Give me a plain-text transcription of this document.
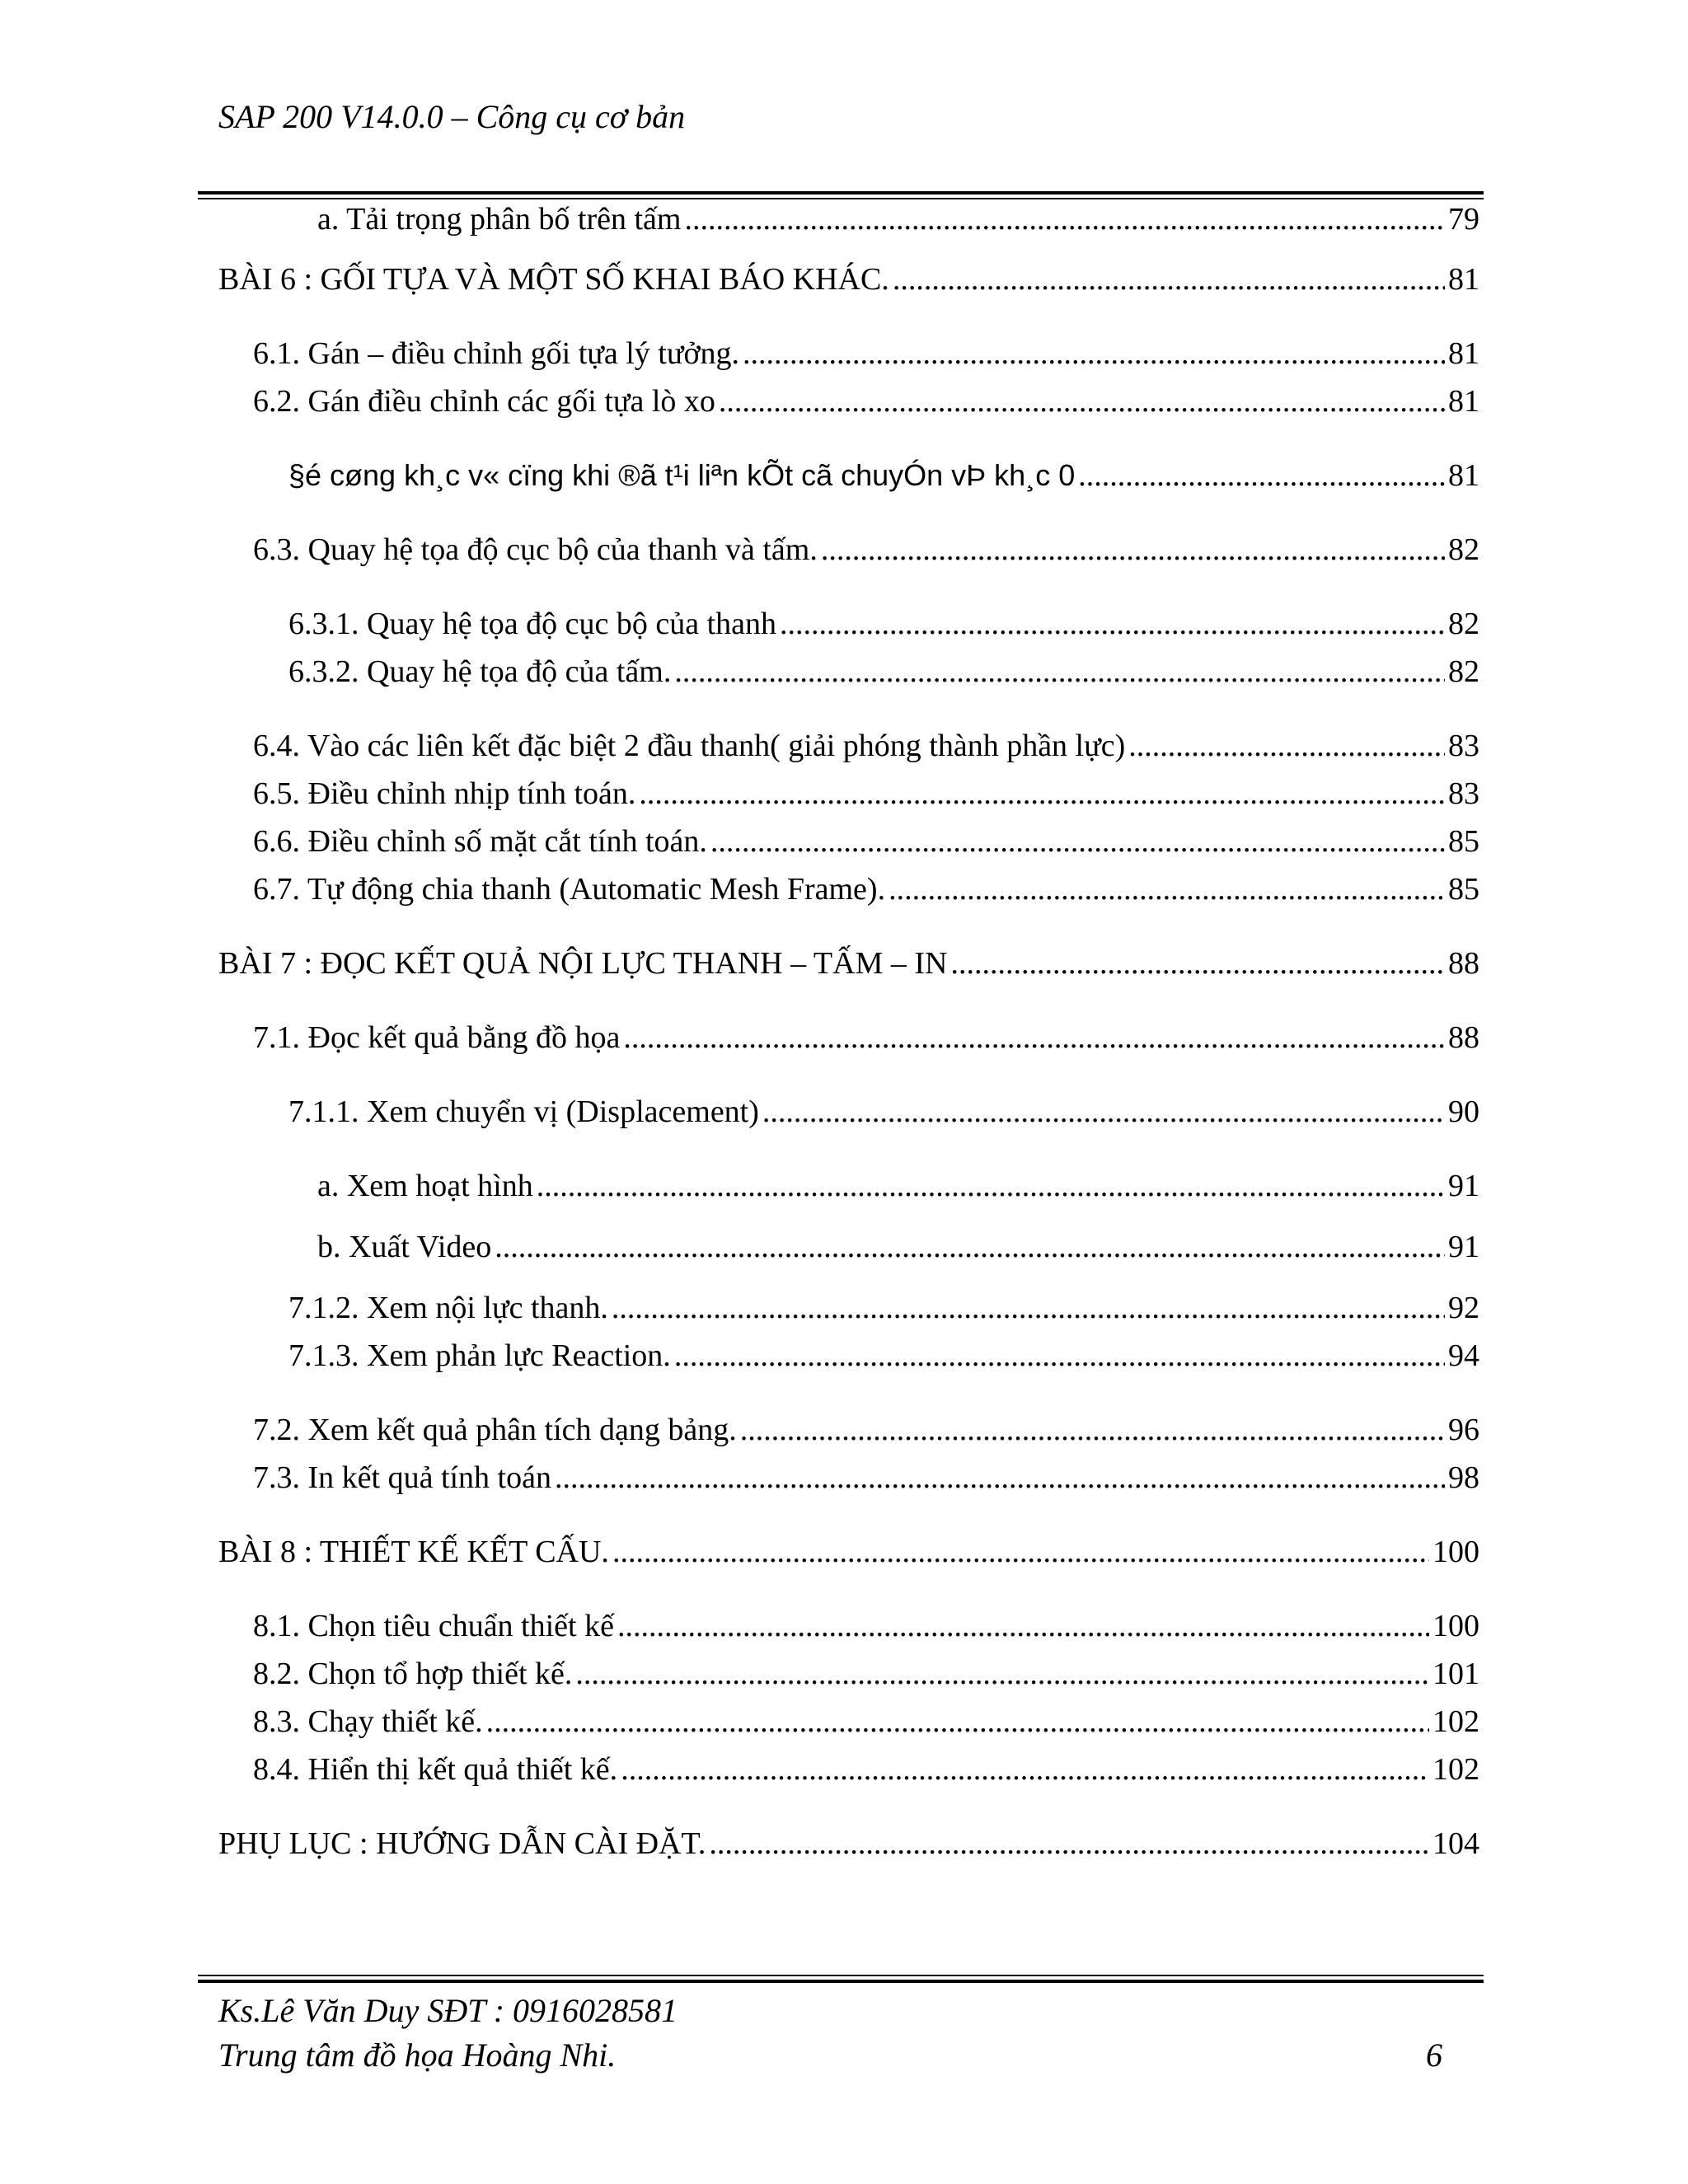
SAP 200 V14.0.0 – Công cụ cơ bản
a. Tải trọng phân bố trên tấm .....	79
BÀI 6 : GỐI TỰA VÀ MỘT SỐ KHAI BÁO KHÁC. .....	81
6.1. Gán – điều chỉnh gối tựa lý tưởng. .....	81
6.2. Gán điều chỉnh các gối tựa lò xo .....	81
§é cøng kh¸c v« cïng khi ®ã t¹i liªn kÕt cã chuyÓn vÞ kh¸c 0 .....	81
6.3. Quay hệ tọa độ cục bộ của thanh và tấm. .....	82
6.3.1. Quay hệ tọa độ cục bộ của thanh .....	82
6.3.2. Quay hệ tọa độ của tấm. .....	82
6.4. Vào các liên kết đặc biệt 2 đầu thanh( giải phóng thành phần lực) .....	83
6.5. Điều chỉnh nhịp tính toán. .....	83
6.6. Điều chỉnh số mặt cắt tính toán. .....	85
6.7. Tự động chia thanh (Automatic Mesh Frame). .....	85
BÀI 7 : ĐỌC KẾT QUẢ NỘI LỰC THANH – TẤM – IN .....	88
7.1. Đọc kết quả bằng đồ họa .....	88
7.1.1. Xem chuyển vị (Displacement) .....	90
a. Xem hoạt hình .....	91
b. Xuất Video .....	91
7.1.2. Xem nội lực thanh. .....	92
7.1.3. Xem phản lực Reaction. .....	94
7.2. Xem kết quả phân tích dạng bảng. .....	96
7.3. In kết quả tính toán .....	98
BÀI 8 : THIẾT KẾ KẾT CẤU. .....	100
8.1. Chọn tiêu chuẩn thiết kế .....	100
8.2. Chọn tổ hợp thiết kế. .....	101
8.3. Chạy thiết kế. .....	102
8.4. Hiển thị kết quả thiết kế. .....	102
PHỤ LỤC : HƯỚNG DẪN CÀI ĐẶT. .....	104
Ks.Lê Văn Duy SĐT : 0916028581
Trung tâm đồ họa Hoàng Nhi.	6
